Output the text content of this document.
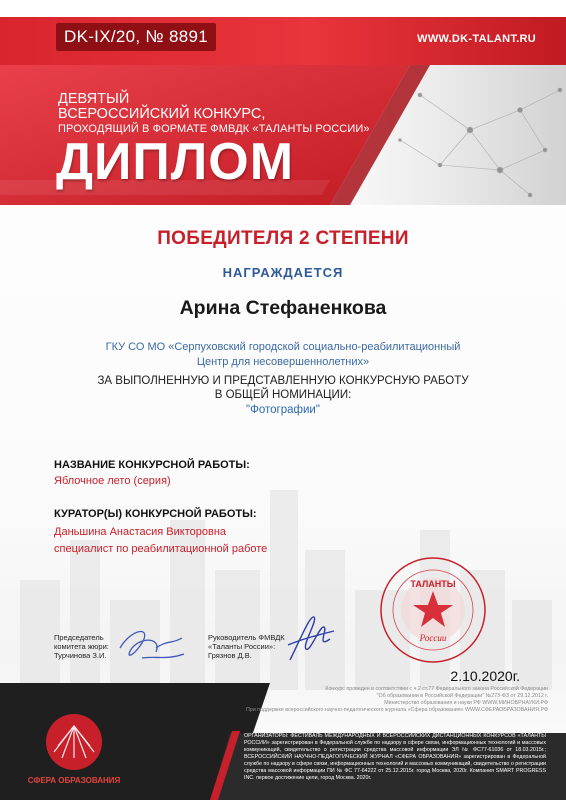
DK-IX/20, № 8891	WWW.DK-TALANT.RU
ДЕВЯТЫЙ
ВСЕРОССИЙСКИЙ КОНКУРС,
ПРОХОДЯЩИЙ В ФОРМАТЕ ФМВДК «ТАЛАНТЫ РОССИИ»
ДИПЛОМ
ПОБЕДИТЕЛЯ 2 СТЕПЕНИ
НАГРАЖДАЕТСЯ
Арина Стефаненкова
ГКУ СО МО «Серпуховский городской социально-реабилитационный
Центр для несовершеннолетних»
ЗА ВЫПОЛНЕННУЮ И ПРЕДСТАВЛЕННУЮ КОНКУРСНУЮ РАБОТУ
В ОБЩЕЙ НОМИНАЦИИ:
"Фотографии"
НАЗВАНИЕ КОНКУРСНОЙ РАБОТЫ:
Яблочное лето (серия)
КУРАТОР(Ы) КОНКУРСНОЙ РАБОТЫ:
Даньшина Анастасия Викторовна
специалист по реабилитационной работе
Председатель
комитета жюри:
Турчинова З.И.
Руководитель ФМВДК
«Таланты России»:
Грязнов Д.В.
ТАЛАНТЫ
России
2.10.2020г.
Конкурс проведен в соответствии с ч.2 ст.77 Федерального закона Российской Федерации
"Об образовании в Российской Федерации" №273-ФЗ от 29.12.2012 г.
Министерство образования и науки РФ WWW.МИНОБРНАУКИ.РФ
При поддержке всероссийского научно-педагогического журнала «Сфера образования» WWW.СФЕРАОБРАЗОВАНИЯ.РФ
ОРГАНИЗАТОРЫ: ФЕСТИВАЛЬ МЕЖДУНАРОДНЫХ И ВСЕРОССИЙСКИХ ДИСТАНЦИОННЫХ КОНКУРСОВ «ТАЛАНТЫ РОССИИ» зарегистрирован в Федеральной службе по надзору в сфере связи, информационных технологий и массовых коммуникаций, свидетельство о регистрации средства массовой информации ЭЛ № ФС77-61036 от 18.03.2015г.; ВСЕРОССИЙСКИЙ НАУЧНО-ПЕДАГОГИЧЕСКИЙ ЖУРНАЛ «СФЕРА ОБРАЗОВАНИЯ» зарегистрирован в Федеральной службе по надзору в сфере связи, информационных технологий и массовых коммуникаций, свидетельство о регистрации средства массовой информации ПИ № ФС 77-64222 от 25.12.2015г. город Москва, 2020г. Компания SMART PROGRESS INC. первое достижение цели, город Москва. 2020г.
СФЕРА ОБРАЗОВАНИЯ
